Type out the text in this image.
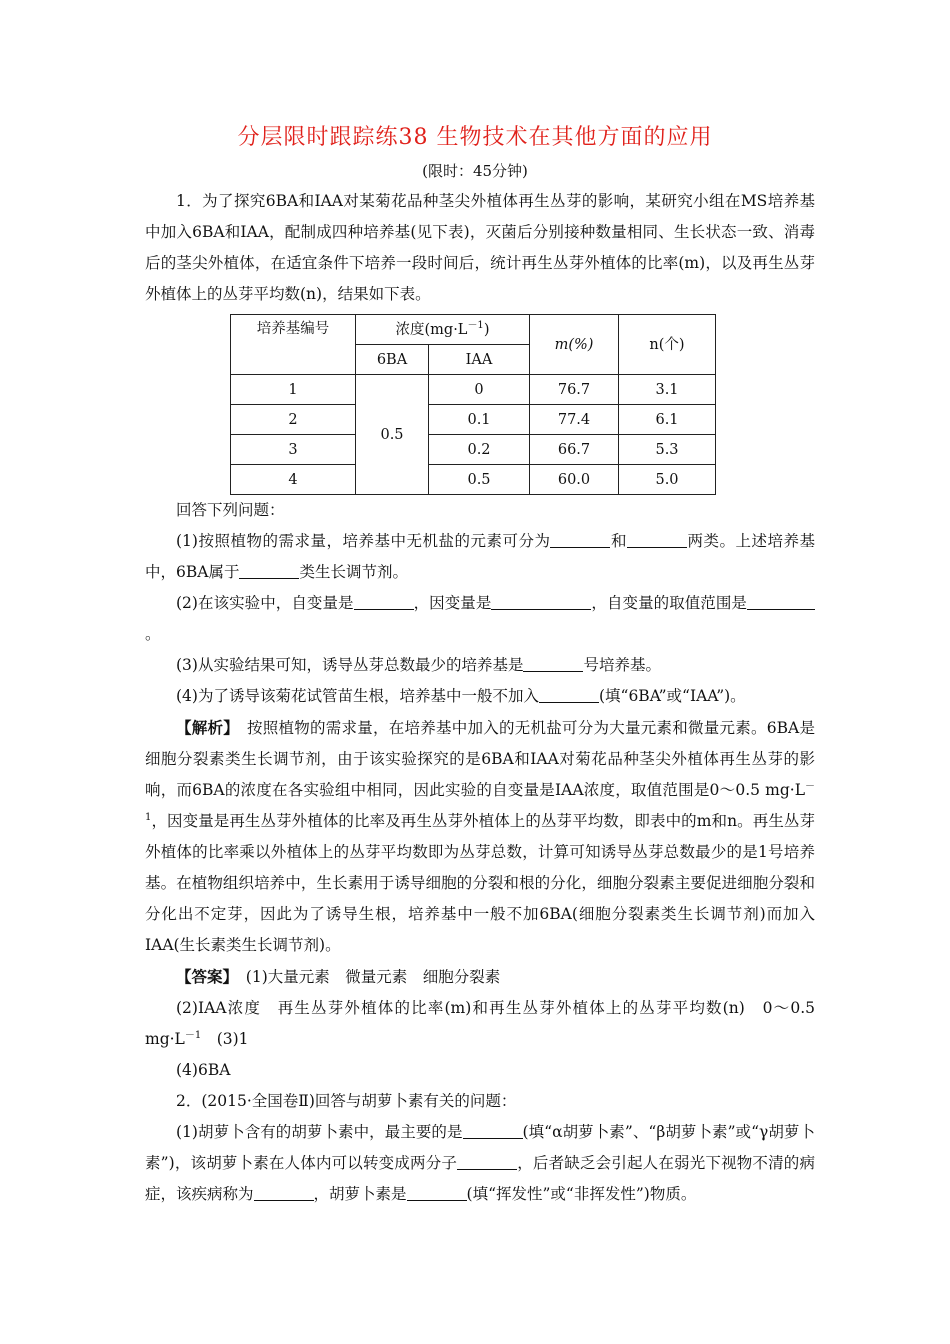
分层限时跟踪练38 生物技术在其他方面的应用
(限时：45分钟)

1．为了探究6BA和IAA对某菊花品种茎尖外植体再生丛芽的影响，某研究小组在MS培养基中加入6BA和IAA，配制成四种培养基(见下表)，灭菌后分别接种数量相同、生长状态一致、消毒后的茎尖外植体，在适宜条件下培养一段时间后，统计再生丛芽外植体的比率(m)，以及再生丛芽外植体上的丛芽平均数(n)，结果如下表。

培养基编号	浓度$(mg\cdot L^{-1})$		m(%)	n(个)
	6BA	IAA		
1	0.5	0	76.7	3.1
2		0.1	77.4	6.1
3		0.2	66.7	5.3
4		0.5	60.0	5.0

回答下列问题：

(1)按照植物的需求量，培养基中无机盐的元素可分为	和	两类。上述培养基中，6BA属于	类生长调节剂。

(2)在该实验中，自变量是	，因变量是	，自变量的取值范围是。

(3)从实验结果可知，诱导丛芽总数最少的培养基是	号培养基。

(4)为了诱导该菊花试管苗生根，培养基中一般不加入	(填“6BA”或“IAA”)。

【解析】　 按照植物的需求量，在培养基中加入的无机盐可分为大量元素和微量元素。6BA是细胞分裂素类生长调节剂，由于该实验探究的是6BA和IAA对菊花品种茎尖外植体再生丛芽的影响，而6BA的浓度在各实验组中相同，因此实验的自变量是IAA浓度，取值范围是0～0.5 $mg\cdot L^{-1}$，因变量是再生丛芽外植体的比率及再生丛芽外植体上的丛芽平均数，即表中的m和n。再生丛芽外植体的比率乘以外植体上的丛芽平均数即为丛芽总数，计算可知诱导丛芽总数最少的是1号培养基。在植物组织培养中，生长素用于诱导细胞的分裂和根的分化，细胞分裂素主要促进细胞分裂和分化出不定芽，因此为了诱导生根，培养基中一般不加6BA(细胞分裂素类生长调节剂)而加入IAA(生长素类生长调节剂)。

【答案】　 (1)大量元素　微量元素　细胞分裂素

(2)IAA浓度　再生丛芽外植体的比率(m)和再生丛芽外植体上的丛芽平均数(n)　0～0.5 $mg\cdot L^{-1}$　(3)1

(4)6BA

2．(2015·全国卷Ⅱ)回答与胡萝卜素有关的问题：

(1)胡萝卜含有的胡萝卜素中，最主要的是	(填“α胡萝卜素”、“β胡萝卜素”或“γ胡萝卜素”)，该胡萝卜素在人体内可以转变成两分子	，后者缺乏会引起人在弱光下视物不清的病症，该疾病称为	，胡萝卜素是	(填“挥发性”或“非挥发性”)物质。
